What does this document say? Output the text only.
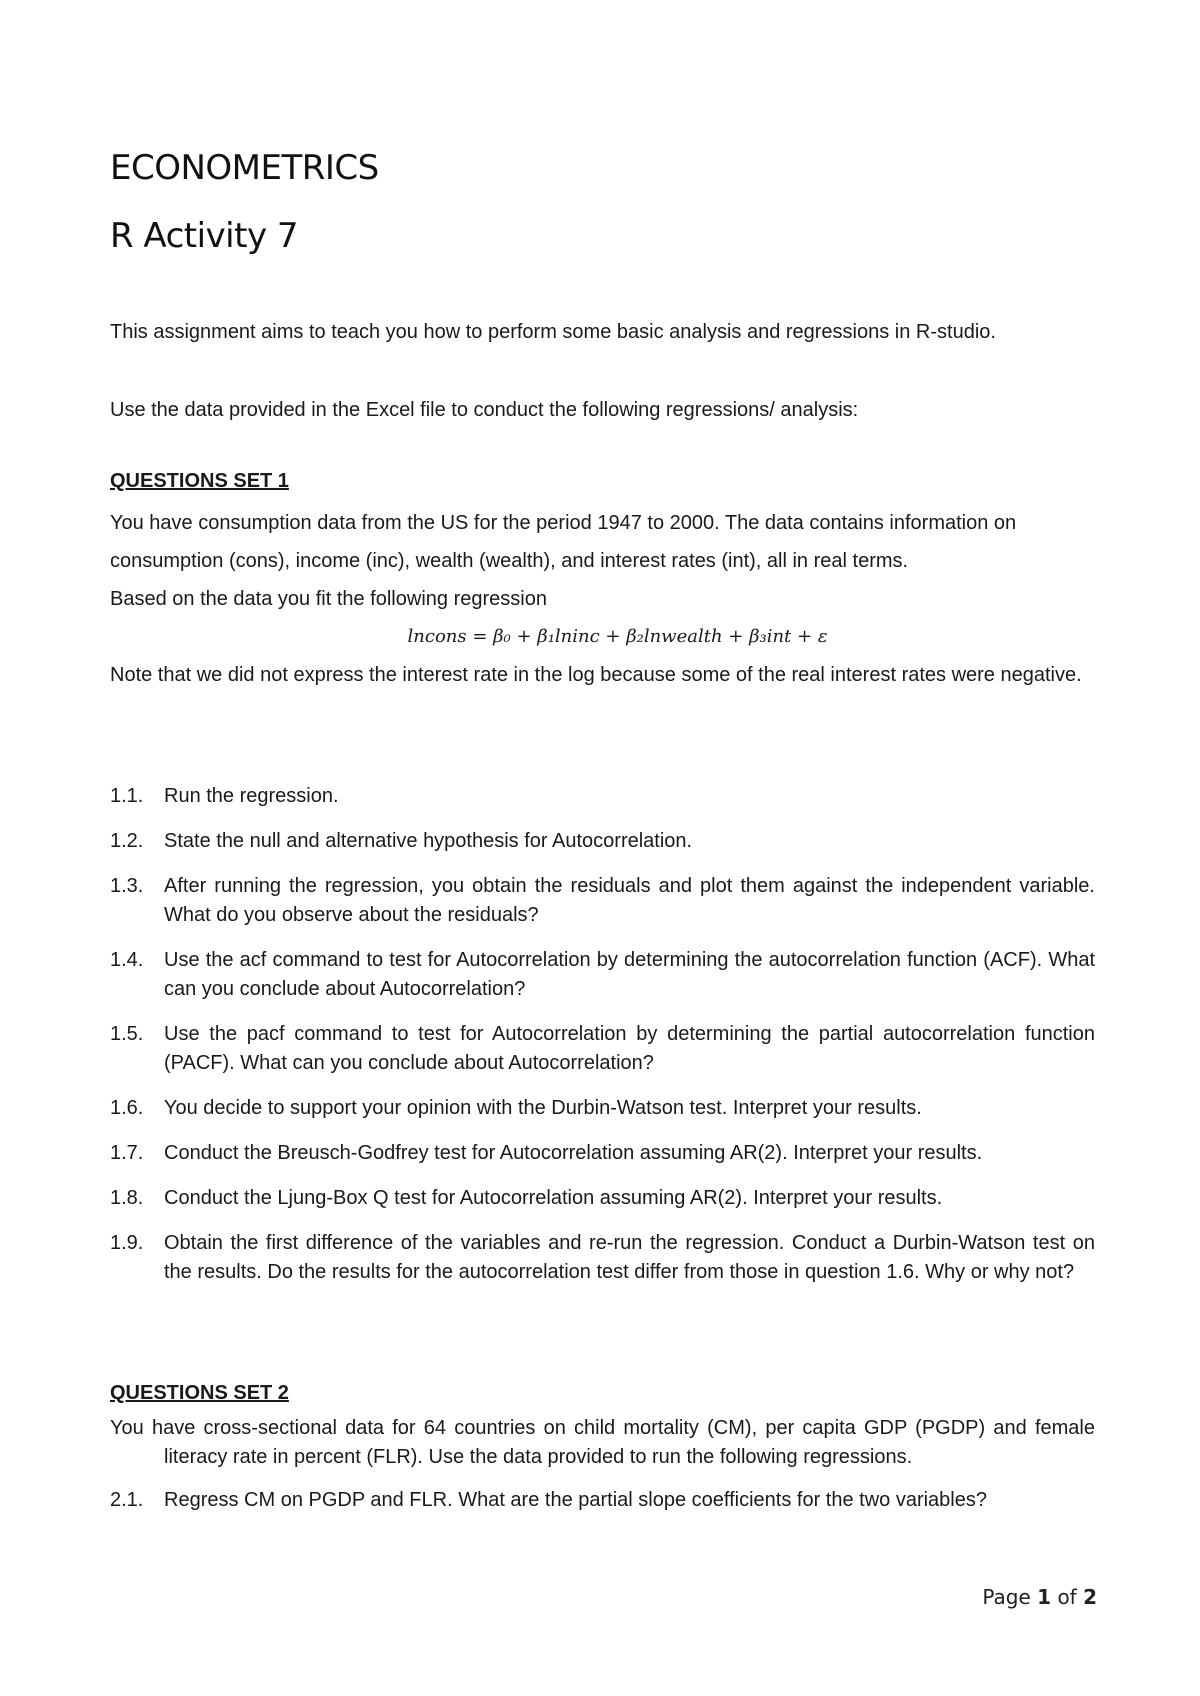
ECONOMETRICS
R Activity 7

This assignment aims to teach you how to perform some basic analysis and regressions in R-studio.

Use the data provided in the Excel file to conduct the following regressions/ analysis:

QUESTIONS SET 1

You have consumption data from the US for the period 1947 to 2000. The data contains information on consumption (cons), income (inc), wealth (wealth), and interest rates (int), all in real terms.

Based on the data you fit the following regression

lncons = β₀ + β₁lninc + β₂lnwealth + β₃int + ε

Note that we did not express the interest rate in the log because some of the real interest rates were negative.

1.1. Run the regression.
1.2. State the null and alternative hypothesis for Autocorrelation.
1.3. After running the regression, you obtain the residuals and plot them against the independent variable. What do you observe about the residuals?
1.4. Use the acf command to test for Autocorrelation by determining the autocorrelation function (ACF). What can you conclude about Autocorrelation?
1.5. Use the pacf command to test for Autocorrelation by determining the partial autocorrelation function (PACF). What can you conclude about Autocorrelation?
1.6. You decide to support your opinion with the Durbin-Watson test. Interpret your results.
1.7. Conduct the Breusch-Godfrey test for Autocorrelation assuming AR(2). Interpret your results.
1.8. Conduct the Ljung-Box Q test for Autocorrelation assuming AR(2). Interpret your results.
1.9. Obtain the first difference of the variables and re-run the regression. Conduct a Durbin-Watson test on the results. Do the results for the autocorrelation test differ from those in question 1.6. Why or why not?

QUESTIONS SET 2

You have cross-sectional data for 64 countries on child mortality (CM), per capita GDP (PGDP) and female literacy rate in percent (FLR). Use the data provided to run the following regressions.

2.1. Regress CM on PGDP and FLR. What are the partial slope coefficients for the two variables?
Page 1 of 2
